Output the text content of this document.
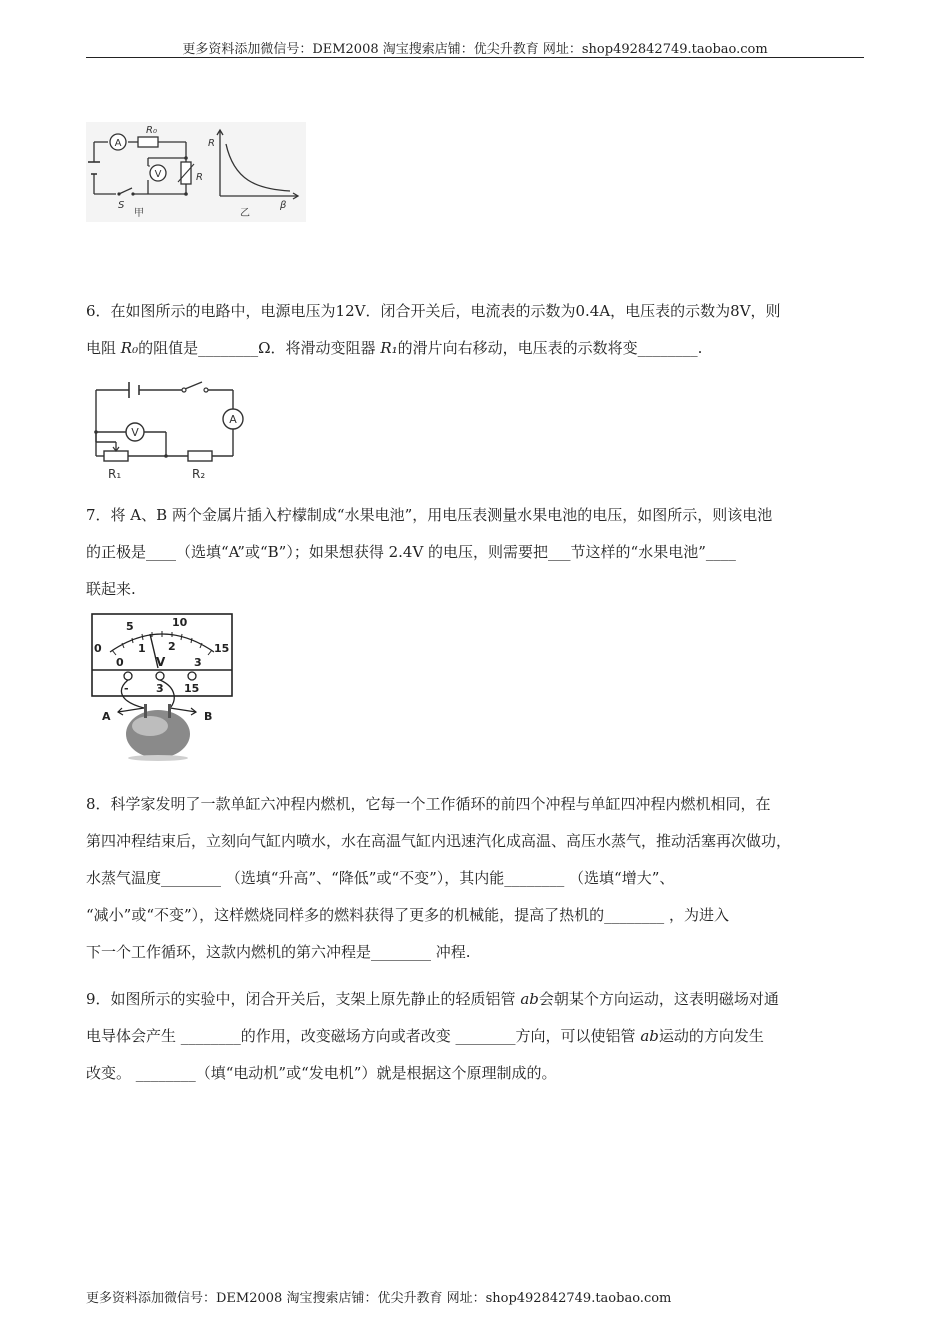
更多资料添加微信号：DEM2008 淘宝搜索店铺：优尖升教育 网址：shop492842749.taobao.com
A
R₀
V	R
S
甲
R
β
乙
6．在如图所示的电路中，电源电压为12V．闭合开关后，电流表的示数为0.4A，电压表的示数为8V，则
电阻 R₀的阻值是________Ω．将滑动变阻器 R₁的滑片向右移动，电压表的示数将变________.
V
A
R₁	R₂
7．将 A、B 两个金属片插入柠檬制成“水果电池”，用电压表测量水果电池的电压，如图所示，则该电池
的正极是____（选填“A”或“B”）；如果想获得 2.4V 的电压，则需要把___节这样的“水果电池”____
联起来.
0
5	10
15
0
1 2
3
V
- 3 15
A	B
8．科学家发明了一款单缸六冲程内燃机，它每一个工作循环的前四个冲程与单缸四冲程内燃机相同，在
第四冲程结束后，立刻向气缸内喷水，水在高温气缸内迅速汽化成高温、高压水蒸气，推动活塞再次做功，
水蒸气温度________ （选填“升高”、“降低”或“不变”），其内能________ （选填“增大”、
“减小”或“不变”），这样燃烧同样多的燃料获得了更多的机械能，提高了热机的________ ，为进入
下一个工作循环，这款内燃机的第六冲程是________ 冲程.
9．如图所示的实验中，闭合开关后，支架上原先静止的轻质铝管 ab会朝某个方向运动，这表明磁场对通
电导体会产生 ________的作用，改变磁场方向或者改变 ________方向，可以使铝管 ab运动的方向发生
改变。 ________（填“电动机”或“发电机”）就是根据这个原理制成的。
更多资料添加微信号：DEM2008 淘宝搜索店铺：优尖升教育 网址：shop492842749.taobao.com
